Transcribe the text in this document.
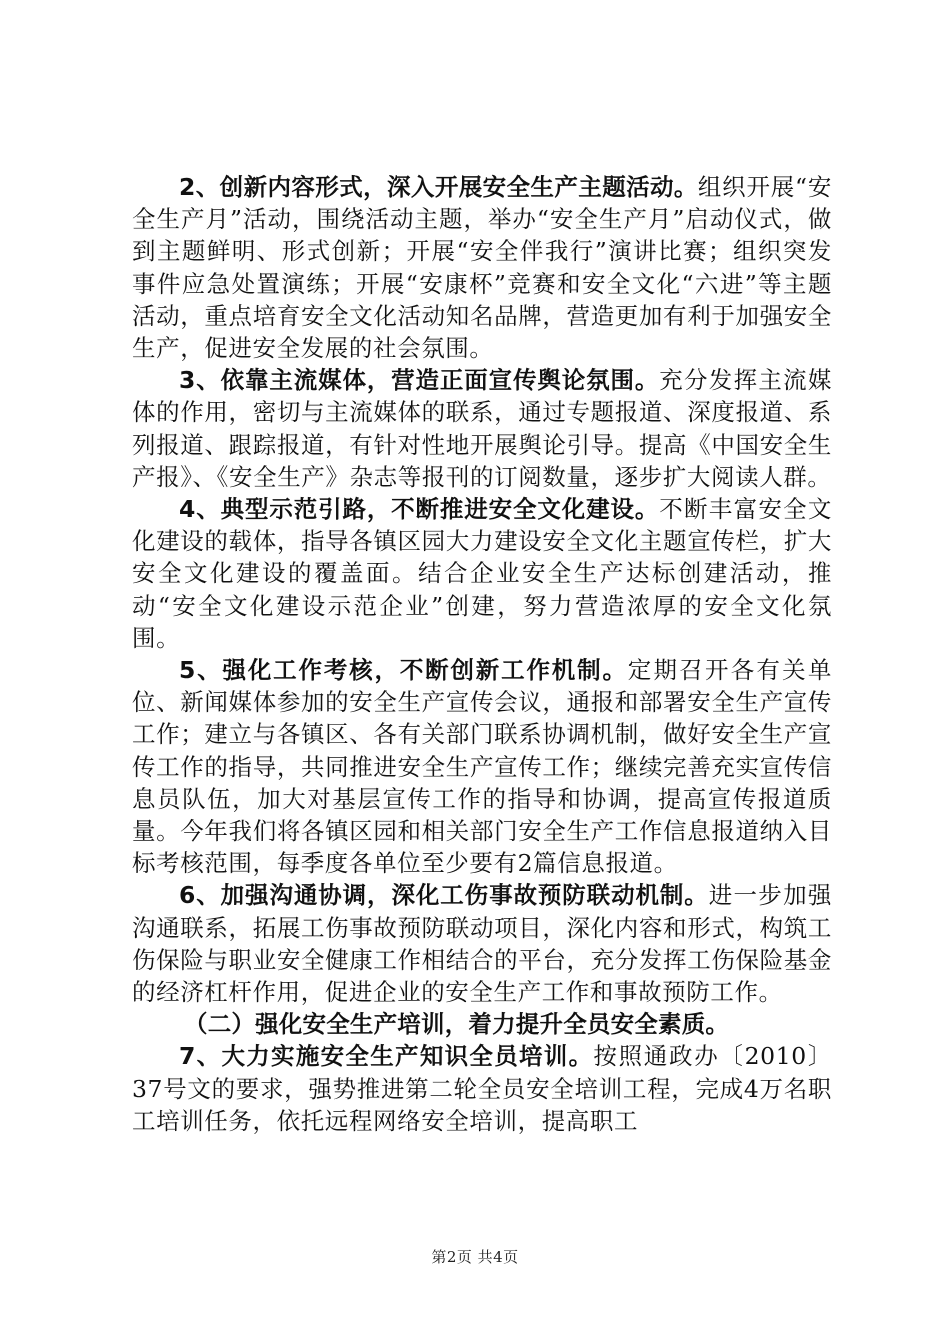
2、创新内容形式，深入开展安全生产主题活动。组织开展“安全生产月”活动，围绕活动主题，举办“安全生产月”启动仪式，做到主题鲜明、形式创新；开展“安全伴我行”演讲比赛；组织突发事件应急处置演练；开展“安康杯”竞赛和安全文化“六进”等主题活动，重点培育安全文化活动知名品牌，营造更加有利于加强安全生产，促进安全发展的社会氛围。

3、依靠主流媒体，营造正面宣传舆论氛围。充分发挥主流媒体的作用，密切与主流媒体的联系，通过专题报道、深度报道、系列报道、跟踪报道，有针对性地开展舆论引导。提高《中国安全生产报》、《安全生产》杂志等报刊的订阅数量，逐步扩大阅读人群。

4、典型示范引路，不断推进安全文化建设。不断丰富安全文化建设的载体，指导各镇区园大力建设安全文化主题宣传栏，扩大安全文化建设的覆盖面。结合企业安全生产达标创建活动，推动“安全文化建设示范企业”创建，努力营造浓厚的安全文化氛围。

5、强化工作考核，不断创新工作机制。定期召开各有关单位、新闻媒体参加的安全生产宣传会议，通报和部署安全生产宣传工作；建立与各镇区、各有关部门联系协调机制，做好安全生产宣传工作的指导，共同推进安全生产宣传工作；继续完善充实宣传信息员队伍，加大对基层宣传工作的指导和协调，提高宣传报道质量。今年我们将各镇区园和相关部门安全生产工作信息报道纳入目标考核范围，每季度各单位至少要有2篇信息报道。

6、加强沟通协调，深化工伤事故预防联动机制。进一步加强沟通联系，拓展工伤事故预防联动项目，深化内容和形式，构筑工伤保险与职业安全健康工作相结合的平台，充分发挥工伤保险基金的经济杠杆作用，促进企业的安全生产工作和事故预防工作。

（二）强化安全生产培训，着力提升全员安全素质。

7、大力实施安全生产知识全员培训。按照通政办〔2010〕37号文的要求，强势推进第二轮全员安全培训工程，完成4万名职工培训任务，依托远程网络安全培训，提高职工

第2页 共4页
